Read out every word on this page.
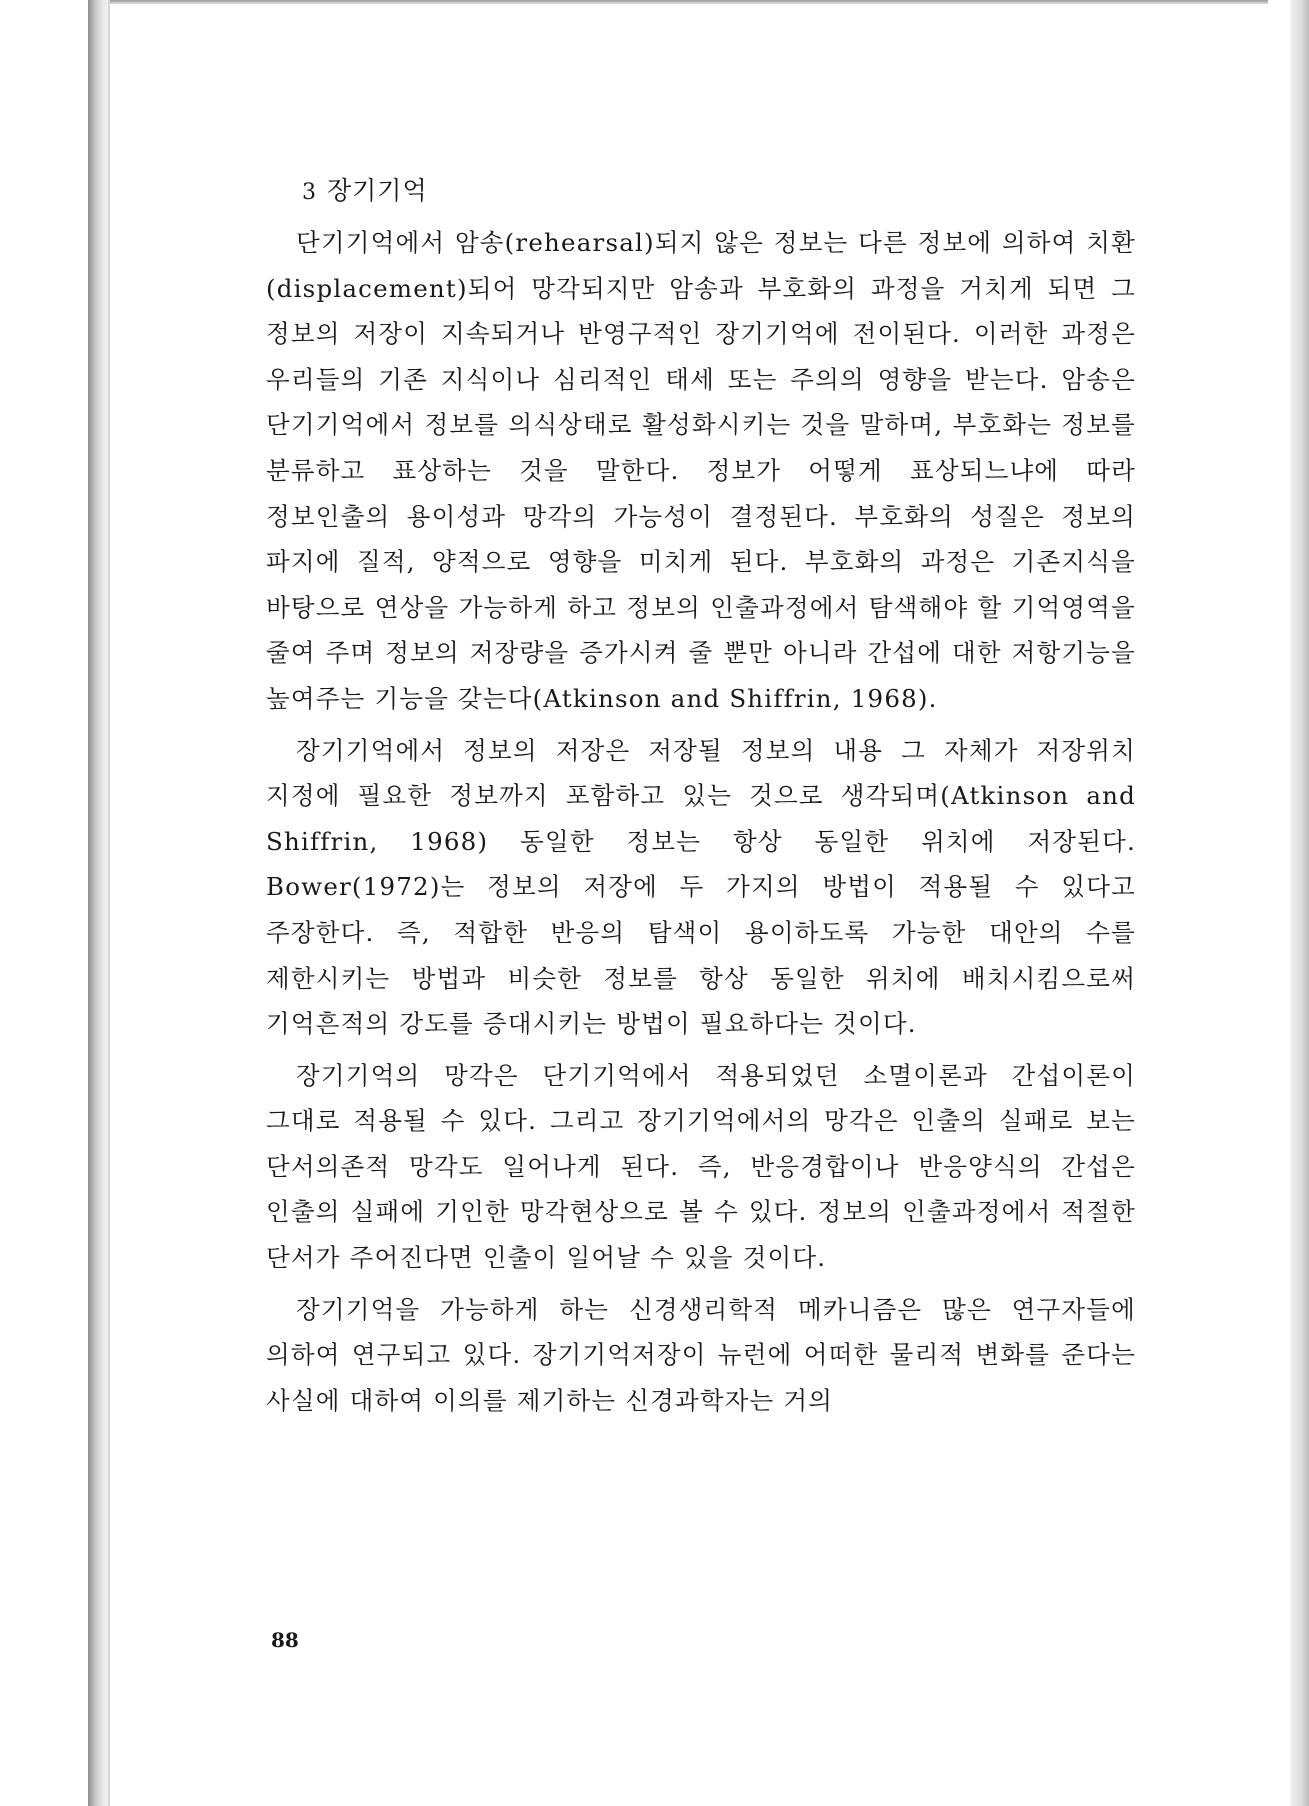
3 장기기억

단기기억에서 암송(rehearsal)되지 않은 정보는 다른 정보에 의하여 치환(displacement)되어 망각되지만 암송과 부호화의 과정을 거치게 되면 그 정보의 저장이 지속되거나 반영구적인 장기기억에 전이된다. 이러한 과정은 우리들의 기존 지식이나 심리적인 태세 또는 주의의 영향을 받는다. 암송은 단기기억에서 정보를 의식상태로 활성화시키는 것을 말하며, 부호화는 정보를 분류하고 표상하는 것을 말한다. 정보가 어떻게 표상되느냐에 따라 정보인출의 용이성과 망각의 가능성이 결정된다. 부호화의 성질은 정보의 파지에 질적, 양적으로 영향을 미치게 된다. 부호화의 과정은 기존지식을 바탕으로 연상을 가능하게 하고 정보의 인출과정에서 탐색해야 할 기억영역을 줄여 주며 정보의 저장량을 증가시켜 줄 뿐만 아니라 간섭에 대한 저항기능을 높여주는 기능을 갖는다(Atkinson and Shiffrin, 1968).

장기기억에서 정보의 저장은 저장될 정보의 내용 그 자체가 저장위치 지정에 필요한 정보까지 포함하고 있는 것으로 생각되며(Atkinson and Shiffrin, 1968) 동일한 정보는 항상 동일한 위치에 저장된다. Bower(1972)는 정보의 저장에 두 가지의 방법이 적용될 수 있다고 주장한다. 즉, 적합한 반응의 탐색이 용이하도록 가능한 대안의 수를 제한시키는 방법과 비슷한 정보를 항상 동일한 위치에 배치시킴으로써 기억흔적의 강도를 증대시키는 방법이 필요하다는 것이다.

장기기억의 망각은 단기기억에서 적용되었던 소멸이론과 간섭이론이 그대로 적용될 수 있다. 그리고 장기기억에서의 망각은 인출의 실패로 보는 단서의존적 망각도 일어나게 된다. 즉, 반응경합이나 반응양식의 간섭은 인출의 실패에 기인한 망각현상으로 볼 수 있다. 정보의 인출과정에서 적절한 단서가 주어진다면 인출이 일어날 수 있을 것이다.

장기기억을 가능하게 하는 신경생리학적 메카니즘은 많은 연구자들에 의하여 연구되고 있다. 장기기억저장이 뉴런에 어떠한 물리적 변화를 준다는 사실에 대하여 이의를 제기하는 신경과학자는 거의

88
